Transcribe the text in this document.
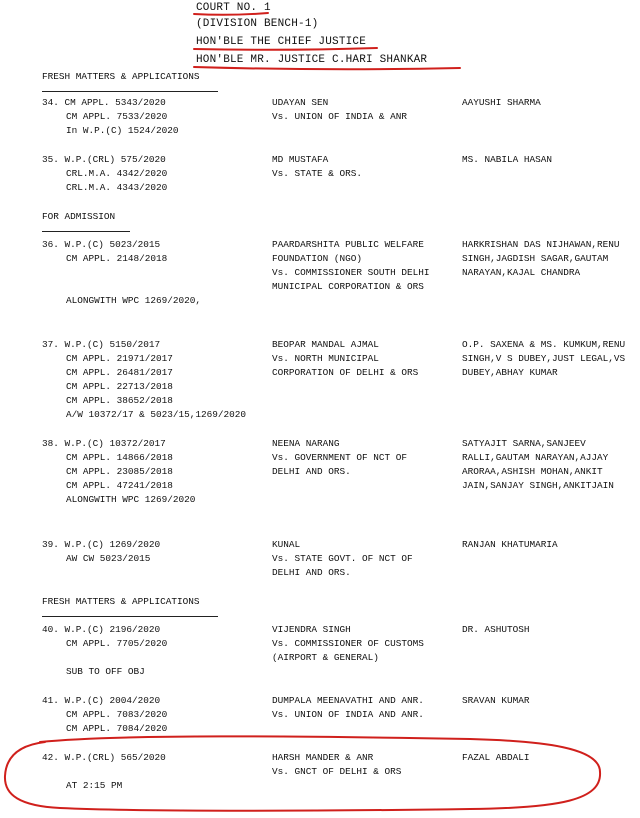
COURT NO. 1
(DIVISION BENCH-1)
HON'BLE THE CHIEF JUSTICE
HON'BLE MR. JUSTICE C.HARI SHANKAR
FRESH MATTERS & APPLICATIONS
34. CM APPL. 5343/2020
CM APPL. 7533/2020
In W.P.(C) 1524/2020
UDAYAN SEN
Vs. UNION OF INDIA & ANR
AAYUSHI SHARMA
35. W.P.(CRL) 575/2020
CRL.M.A. 4342/2020
CRL.M.A. 4343/2020
MD MUSTAFA
Vs. STATE & ORS.
MS. NABILA HASAN
FOR ADMISSION
36. W.P.(C) 5023/2015
CM APPL. 2148/2018
PAARDARSHITA PUBLIC WELFARE
FOUNDATION (NGO)
Vs. COMMISSIONER SOUTH DELHI
MUNICIPAL CORPORATION & ORS
HARKRISHAN DAS NIJHAWAN,RENU
SINGH,JAGDISH SAGAR,GAUTAM
NARAYAN,KAJAL CHANDRA
ALONGWITH WPC 1269/2020,
37. W.P.(C) 5150/2017
CM APPL. 21971/2017
CM APPL. 26481/2017
CM APPL. 22713/2018
CM APPL. 38652/2018
A/W 10372/17 & 5023/15,1269/2020
BEOPAR MANDAL AJMAL
Vs. NORTH MUNICIPAL
CORPORATION OF DELHI & ORS
O.P. SAXENA & MS. KUMKUM,RENU
SINGH,V S DUBEY,JUST LEGAL,VS
DUBEY,ABHAY KUMAR
38. W.P.(C) 10372/2017
CM APPL. 14866/2018
CM APPL. 23085/2018
CM APPL. 47241/2018
ALONGWITH WPC 1269/2020
NEENA NARANG
Vs. GOVERNMENT OF NCT OF
DELHI AND ORS.
SATYAJIT SARNA,SANJEEV
RALLI,GAUTAM NARAYAN,AJJAY
ARORAA,ASHISH MOHAN,ANKIT
JAIN,SANJAY SINGH,ANKITJAIN
39. W.P.(C) 1269/2020
AW CW 5023/2015
KUNAL
Vs. STATE GOVT. OF NCT OF
DELHI AND ORS.
RANJAN KHATUMARIA
FRESH MATTERS & APPLICATIONS
40. W.P.(C) 2196/2020
CM APPL. 7705/2020
VIJENDRA SINGH
Vs. COMMISSIONER OF CUSTOMS
(AIRPORT & GENERAL)
DR. ASHUTOSH
SUB TO OFF OBJ
41. W.P.(C) 2004/2020
CM APPL. 7083/2020
CM APPL. 7084/2020
DUMPALA MEENAVATHI AND ANR.
Vs. UNION OF INDIA AND ANR.
SRAVAN KUMAR
42. W.P.(CRL) 565/2020	HARSH MANDER & ANR
Vs. GNCT OF DELHI & ORS
FAZAL ABDALI
AT 2:15 PM
